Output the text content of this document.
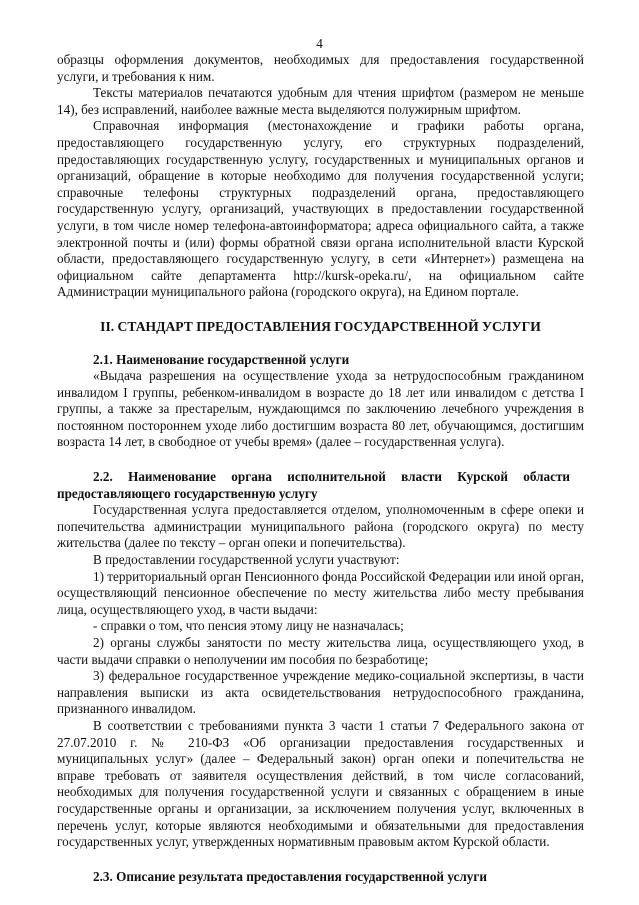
4

образцы оформления документов, необходимых для предоставления государственной услуги, и требования к ним.

Тексты материалов печатаются удобным для чтения шрифтом (размером не меньше 14), без исправлений, наиболее важные места выделяются полужирным шрифтом.

Справочная информация (местонахождение и графики работы органа, предоставляющего государственную услугу, его структурных подразделений, предоставляющих государственную услугу, государственных и муниципальных органов и организаций, обращение в которые необходимо для получения государственной услуги; справочные телефоны структурных подразделений органа, предоставляющего государственную услугу, организаций, участвующих в предоставлении государственной услуги, в том числе номер телефона-автоинформатора; адреса официального сайта, а также электронной почты и (или) формы обратной связи органа исполнительной власти Курской области, предоставляющего государственную услугу, в сети «Интернет») размещена на официальном сайте департамента http://kursk-opeka.ru/, на официальном сайте Администрации муниципального района (городского округа), на Едином портале.

II. СТАНДАРТ ПРЕДОСТАВЛЕНИЯ ГОСУДАРСТВЕННОЙ УСЛУГИ

2.1. Наименование государственной услуги

«Выдача разрешения на осуществление ухода за нетрудоспособным гражданином инвалидом I группы, ребенком-инвалидом в возрасте до 18 лет или инвалидом с детства I группы, а также за престарелым, нуждающимся по заключению лечебного учреждения в постоянном постороннем уходе либо достигшим возраста 80 лет, обучающимся, достигшим возраста 14 лет, в свободное от учебы время» (далее – государственная услуга).

2.2. Наименование органа исполнительной власти Курской области

предоставляющего государственную услугу

Государственная услуга предоставляется отделом, уполномоченным в сфере опеки и попечительства администрации муниципального района (городского округа) по месту жительства (далее по тексту – орган опеки и попечительства).

В предоставлении государственной услуги участвуют:

1) территориальный орган Пенсионного фонда Российской Федерации или иной орган, осуществляющий пенсионное обеспечение по месту жительства либо месту пребывания лица, осуществляющего уход, в части выдачи:

- справки о том, что пенсия этому лицу не назначалась;

2) органы службы занятости по месту жительства лица, осуществляющего уход, в части выдачи справки о неполучении им пособия по безработице;

3) федеральное государственное учреждение медико-социальной экспертизы, в части направления выписки из акта освидетельствования нетрудоспособного гражданина, признанного инвалидом.

В соответствии с требованиями пункта 3 части 1 статьи 7 Федерального закона от 27.07.2010 г. № 210-ФЗ «Об организации предоставления государственных и муниципальных услуг» (далее – Федеральный закон) орган опеки и попечительства не вправе требовать от заявителя осуществления действий, в том числе согласований, необходимых для получения государственной услуги и связанных с обращением в иные государственные органы и организации, за исключением получения услуг, включенных в перечень услуг, которые являются необходимыми и обязательными для предоставления государственных услуг, утвержденных нормативным правовым актом Курской области.

2.3. Описание результата предоставления государственной услуги
